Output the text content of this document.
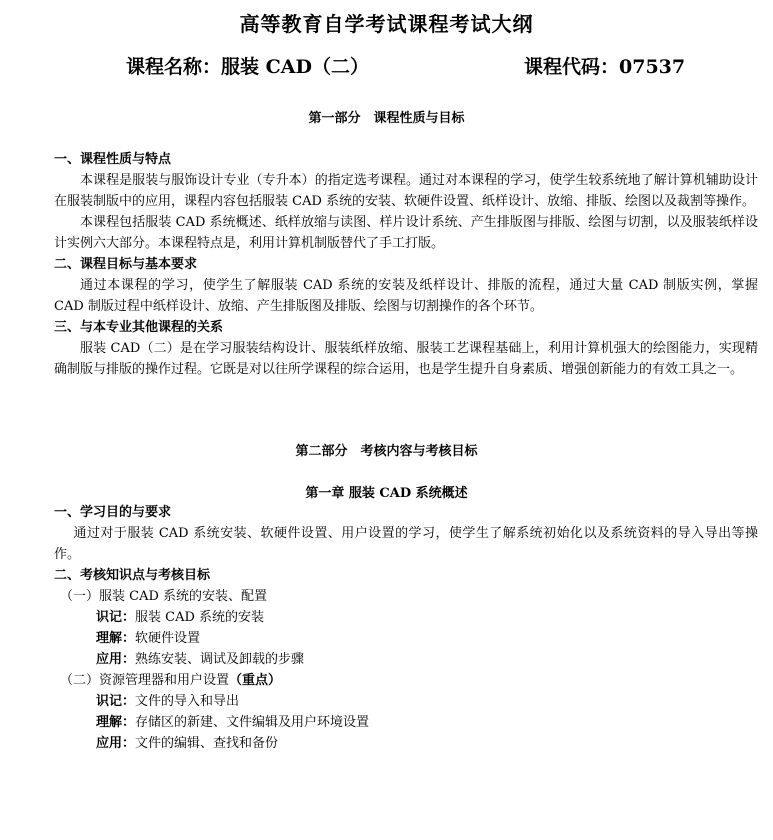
高等教育自学考试课程考试大纲
课程名称：服装 CAD（二）	课程代码：07537
第一部分　课程性质与目标

一、课程性质与特点

本课程是服装与服饰设计专业（专升本）的指定选考课程。通过对本课程的学习，使学生较系统地了解计算机辅助设计在服装制版中的应用，课程内容包括服装 CAD 系统的安装、软硬件设置、纸样设计、放缩、排版、绘图以及裁割等操作。

本课程包括服装 CAD 系统概述、纸样放缩与读图、样片设计系统、产生排版图与排版、绘图与切割，以及服装纸样设计实例六大部分。本课程特点是，利用计算机制版替代了手工打版。

二、课程目标与基本要求

通过本课程的学习，使学生了解服装 CAD 系统的安装及纸样设计、排版的流程，通过大量 CAD 制版实例，掌握 CAD 制版过程中纸样设计、放缩、产生排版图及排版、绘图与切割操作的各个环节。

三、与本专业其他课程的关系

服装 CAD（二）是在学习服装结构设计、服装纸样放缩、服装工艺课程基础上，利用计算机强大的绘图能力，实现精确制版与排版的操作过程。它既是对以往所学课程的综合运用，也是学生提升自身素质、增强创新能力的有效工具之一。

第二部分　考核内容与考核目标
第一章 服装 CAD 系统概述

一、学习目的与要求

通过对于服装 CAD 系统安装、软硬件设置、用户设置的学习，使学生了解系统初始化以及系统资料的导入导出等操作。

二、考核知识点与考核目标

（一）服装 CAD 系统的安装、配置

识记：服装 CAD 系统的安装

理解：软硬件设置

应用：熟练安装、调试及卸载的步骤

（二）资源管理器和用户设置（重点）

识记：文件的导入和导出

理解：存储区的新建、文件编辑及用户环境设置

应用：文件的编辑、查找和备份
